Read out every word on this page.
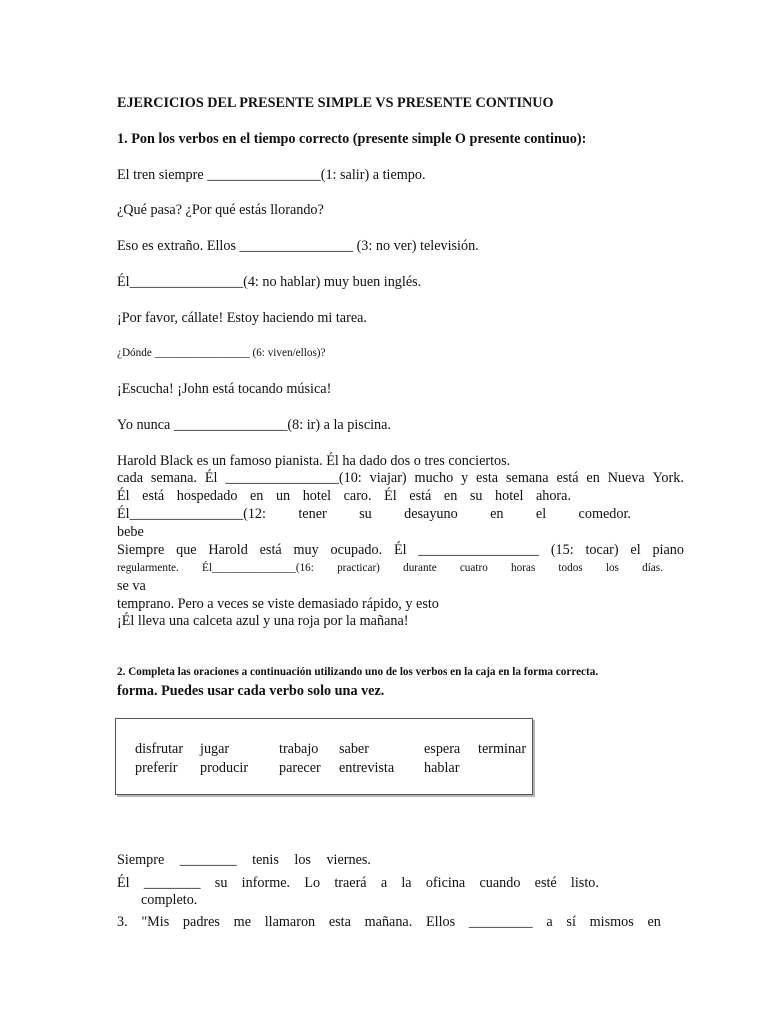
EJERCICIOS DEL PRESENTE SIMPLE VS PRESENTE CONTINUO
1. Pon los verbos en el tiempo correcto (presente simple O presente continuo):
El tren siempre ________________(1: salir) a tiempo.
¿Qué pasa? ¿Por qué estás llorando?
Eso es extraño. Ellos ________________ (3: no ver) televisión.
Él________________(4: no hablar) muy buen inglés.
¡Por favor, cállate! Estoy haciendo mi tarea.
¿Dónde _________________ (6: viven/ellos)?
¡Escucha! ¡John está tocando música!
Yo nunca ________________(8: ir) a la piscina.
Harold Black es un famoso pianista. Él ha dado dos o tres conciertos.
cada semana. Él ________________(10: viajar) mucho y esta semana está en Nueva York.
Él está hospedado en un hotel caro. Él está en su hotel ahora.
Él________________(12: tener su desayuno en el comedor.
bebe
Siempre que Harold está muy ocupado. Él _________________ (15: tocar) el piano
regularmente. Él_______________(16: practicar) durante cuatro horas todos los días.
se va
temprano. Pero a veces se viste demasiado rápido, y esto
¡Él lleva una calceta azul y una roja por la mañana!
2. Completa las oraciones a continuación utilizando uno de los verbos en la caja en la forma correcta.
forma. Puedes usar cada verbo solo una vez.
disfrutar jugar	trabajo saber	espera terminar
preferir producir parecer entrevista hablar
Siempre ________ tenis los viernes.
Él ________ su informe. Lo traerá a la oficina cuando esté listo.
completo.
3. "Mis padres me llamaron esta mañana. Ellos _________ a sí mismos en
